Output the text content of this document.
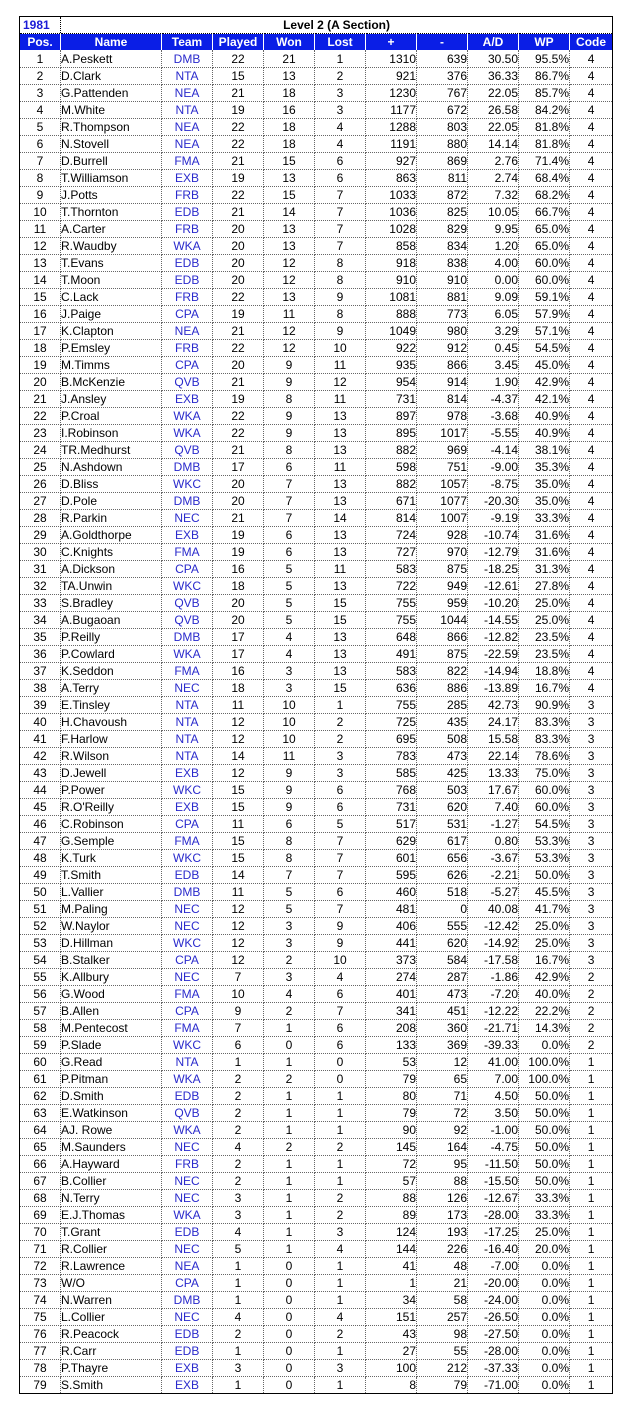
1981	Level 2 (A Section)									
Pos.	Name	Team	Played	Won	Lost	+	-	A/D	WP	Code
1	A.Peskett	DMB	22	21	1	1310	639	30.50	95.5%	4
2	D.Clark	NTA	15	13	2	921	376	36.33	86.7%	4
3	G.Pattenden	NEA	21	18	3	1230	767	22.05	85.7%	4
4	M.White	NTA	19	16	3	1177	672	26.58	84.2%	4
5	R.Thompson	NEA	22	18	4	1288	803	22.05	81.8%	4
6	N.Stovell	NEA	22	18	4	1191	880	14.14	81.8%	4
7	D.Burrell	FMA	21	15	6	927	869	2.76	71.4%	4
8	T.Williamson	EXB	19	13	6	863	811	2.74	68.4%	4
9	J.Potts	FRB	22	15	7	1033	872	7.32	68.2%	4
10	T.Thornton	EDB	21	14	7	1036	825	10.05	66.7%	4
11	A.Carter	FRB	20	13	7	1028	829	9.95	65.0%	4
12	R.Waudby	WKA	20	13	7	858	834	1.20	65.0%	4
13	T.Evans	EDB	20	12	8	918	838	4.00	60.0%	4
14	T.Moon	EDB	20	12	8	910	910	0.00	60.0%	4
15	C.Lack	FRB	22	13	9	1081	881	9.09	59.1%	4
16	J.Paige	CPA	19	11	8	888	773	6.05	57.9%	4
17	K.Clapton	NEA	21	12	9	1049	980	3.29	57.1%	4
18	P.Emsley	FRB	22	12	10	922	912	0.45	54.5%	4
19	M.Timms	CPA	20	9	11	935	866	3.45	45.0%	4
20	B.McKenzie	QVB	21	9	12	954	914	1.90	42.9%	4
21	J.Ansley	EXB	19	8	11	731	814	-4.37	42.1%	4
22	P.Croal	WKA	22	9	13	897	978	-3.68	40.9%	4
23	I.Robinson	WKA	22	9	13	895	1017	-5.55	40.9%	4
24	TR.Medhurst	QVB	21	8	13	882	969	-4.14	38.1%	4
25	N.Ashdown	DMB	17	6	11	598	751	-9.00	35.3%	4
26	D.Bliss	WKC	20	7	13	882	1057	-8.75	35.0%	4
27	D.Pole	DMB	20	7	13	671	1077	-20.30	35.0%	4
28	R.Parkin	NEC	21	7	14	814	1007	-9.19	33.3%	4
29	A.Goldthorpe	EXB	19	6	13	724	928	-10.74	31.6%	4
30	C.Knights	FMA	19	6	13	727	970	-12.79	31.6%	4
31	A.Dickson	CPA	16	5	11	583	875	-18.25	31.3%	4
32	TA.Unwin	WKC	18	5	13	722	949	-12.61	27.8%	4
33	S.Bradley	QVB	20	5	15	755	959	-10.20	25.0%	4
34	A.Bugaoan	QVB	20	5	15	755	1044	-14.55	25.0%	4
35	P.Reilly	DMB	17	4	13	648	866	-12.82	23.5%	4
36	P.Cowlard	WKA	17	4	13	491	875	-22.59	23.5%	4
37	K.Seddon	FMA	16	3	13	583	822	-14.94	18.8%	4
38	A.Terry	NEC	18	3	15	636	886	-13.89	16.7%	4
39	E.Tinsley	NTA	11	10	1	755	285	42.73	90.9%	3
40	H.Chavoush	NTA	12	10	2	725	435	24.17	83.3%	3
41	F.Harlow	NTA	12	10	2	695	508	15.58	83.3%	3
42	R.Wilson	NTA	14	11	3	783	473	22.14	78.6%	3
43	D.Jewell	EXB	12	9	3	585	425	13.33	75.0%	3
44	P.Power	WKC	15	9	6	768	503	17.67	60.0%	3
45	R.O'Reilly	EXB	15	9	6	731	620	7.40	60.0%	3
46	C.Robinson	CPA	11	6	5	517	531	-1.27	54.5%	3
47	G.Semple	FMA	15	8	7	629	617	0.80	53.3%	3
48	K.Turk	WKC	15	8	7	601	656	-3.67	53.3%	3
49	T.Smith	EDB	14	7	7	595	626	-2.21	50.0%	3
50	L.Vallier	DMB	11	5	6	460	518	-5.27	45.5%	3
51	M.Paling	NEC	12	5	7	481	0	40.08	41.7%	3
52	W.Naylor	NEC	12	3	9	406	555	-12.42	25.0%	3
53	D.Hillman	WKC	12	3	9	441	620	-14.92	25.0%	3
54	B.Stalker	CPA	12	2	10	373	584	-17.58	16.7%	3
55	K.Allbury	NEC	7	3	4	274	287	-1.86	42.9%	2
56	G.Wood	FMA	10	4	6	401	473	-7.20	40.0%	2
57	B.Allen	CPA	9	2	7	341	451	-12.22	22.2%	2
58	M.Pentecost	FMA	7	1	6	208	360	-21.71	14.3%	2
59	P.Slade	WKC	6	0	6	133	369	-39.33	0.0%	2
60	G.Read	NTA	1	1	0	53	12	41.00	100.0%	1
61	P.Pitman	WKA	2	2	0	79	65	7.00	100.0%	1
62	D.Smith	EDB	2	1	1	80	71	4.50	50.0%	1
63	E.Watkinson	QVB	2	1	1	79	72	3.50	50.0%	1
64	AJ. Rowe	WKA	2	1	1	90	92	-1.00	50.0%	1
65	M.Saunders	NEC	4	2	2	145	164	-4.75	50.0%	1
66	A.Hayward	FRB	2	1	1	72	95	-11.50	50.0%	1
67	B.Collier	NEC	2	1	1	57	88	-15.50	50.0%	1
68	N.Terry	NEC	3	1	2	88	126	-12.67	33.3%	1
69	E.J.Thomas	WKA	3	1	2	89	173	-28.00	33.3%	1
70	T.Grant	EDB	4	1	3	124	193	-17.25	25.0%	1
71	R.Collier	NEC	5	1	4	144	226	-16.40	20.0%	1
72	R.Lawrence	NEA	1	0	1	41	48	-7.00	0.0%	1
73	W/O	CPA	1	0	1	1	21	-20.00	0.0%	1
74	N.Warren	DMB	1	0	1	34	58	-24.00	0.0%	1
75	L.Collier	NEC	4	0	4	151	257	-26.50	0.0%	1
76	R.Peacock	EDB	2	0	2	43	98	-27.50	0.0%	1
77	R.Carr	EDB	1	0	1	27	55	-28.00	0.0%	1
78	P.Thayre	EXB	3	0	3	100	212	-37.33	0.0%	1
79	S.Smith	EXB	1	0	1	8	79	-71.00	0.0%	1
